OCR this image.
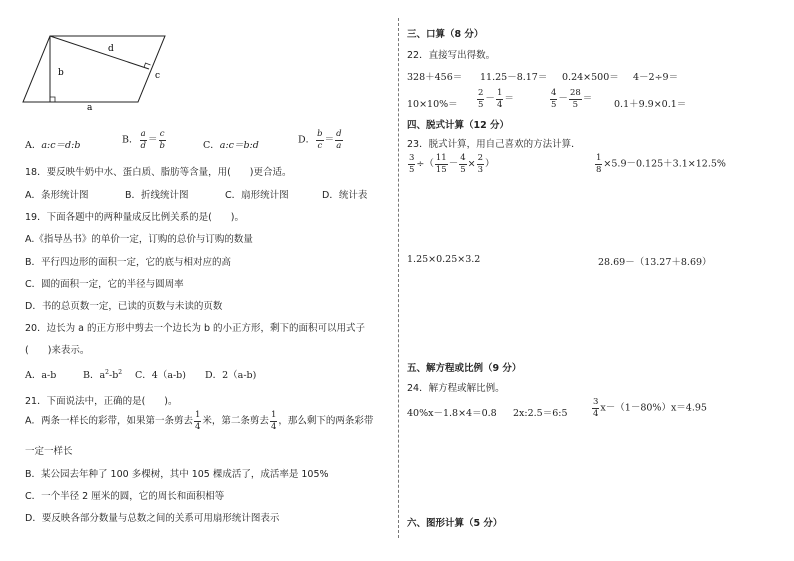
d
b	c
a
A．a:c＝d:b	B． $\frac{a}{d} = \frac{c}{b}$	C．a:c＝b:d	D． $\frac{b}{c} = \frac{d}{a}$
18．要反映牛奶中水、蛋白质、脂肪等含量，用(　　)更合适。
A．条形统计图	B．折线统计图	C．扇形统计图	D．统计表
19．下面各题中的两种量成反比例关系的是(　　)。
A.《指导丛书》的单价一定，订购的总价与订购的数量
B．平行四边形的面积一定，它的底与相对应的高
C．圆的面积一定，它的半径与圆周率
D．书的总页数一定，已读的页数与未读的页数
20．边长为 a 的正方形中剪去一个边长为 b 的小正方形，剩下的面积可以用式子
(　　)来表示。
A．a-b	B．$a^2-b^2$ C．4（a-b) D．2（a-b)
21．下面说法中，正确的是(　　)。
A．两条一样长的彩带，如果第一条剪去 $\frac{1}{4}$ 米，第二条剪去 $\frac{1}{4}$ ，那么剩下的两条彩带
一定一样长
B．某公园去年种了 100 多棵树，其中 105 棵成活了，成活率是 105%
C．一个半径 2 厘米的圆，它的周长和面积相等
D．要反映各部分数量与总数之间的关系可用扇形统计图表示
三、口算（8 分）
22．直接写出得数。
328＋456＝ 11.25－8.17＝ 0.24×500＝ 4－2÷9＝
$10\times 10\%= \frac{2}{5} - \frac{1}{4}$ ＝	$\frac{4}{5} - \frac{28}{5} = 0.1+9.9\times 0.1=$
四、脱式计算（12 分）
23．脱式计算，用自己喜欢的方法计算．
$\frac{3}{5}$ ÷（ $\frac{11}{15} - \frac{4}{5} \times \frac{2}{3}$ ）	$\frac{1}{8} \times 5.9-0.125+3.1\times 12.5\%$
1.25×0.25×3.2	28.69－（13.27＋8.69）
五、解方程或比例（9 分）
24．解方程或解比例。
40%x－1.8×4＝0.8 2x:2.5＝6:5	$\frac{3}{4} x-(1-80\%)x=4.95$
六、图形计算（5 分）
